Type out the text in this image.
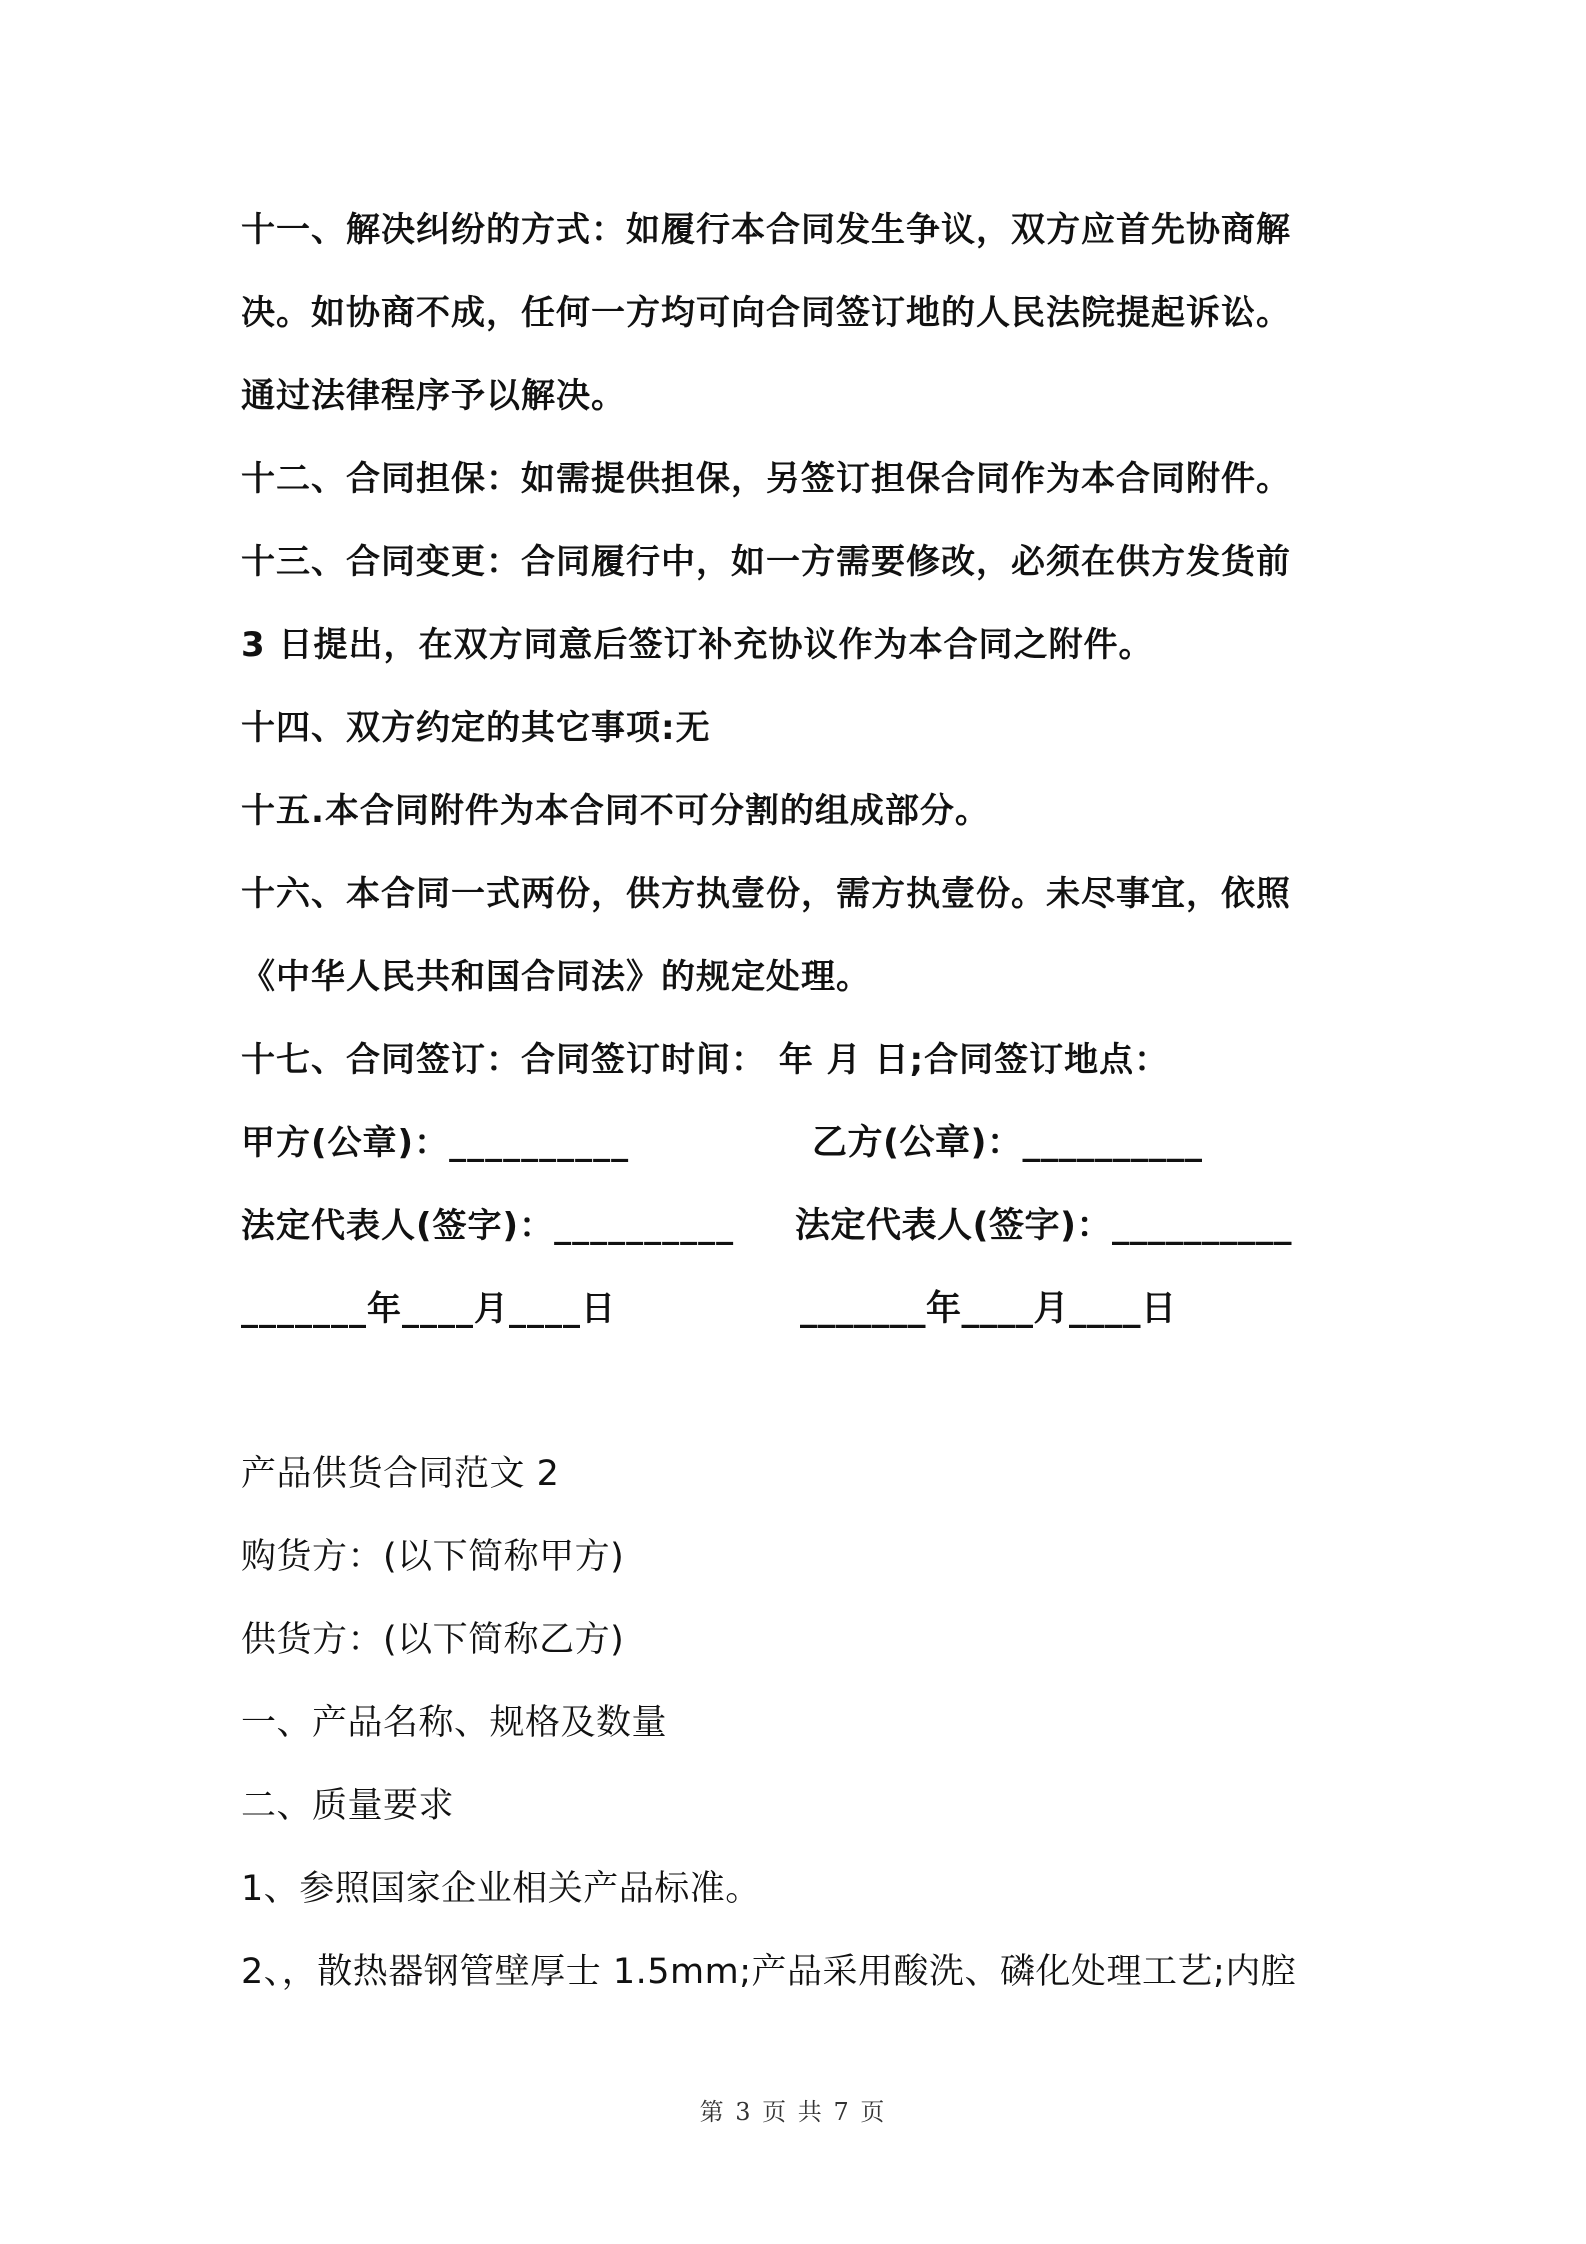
十一、解决纠纷的方式：如履行本合同发生争议，双方应首先协商解
决。如协商不成，任何一方均可向合同签订地的人民法院提起诉讼。
通过法律程序予以解决。
十二、合同担保：如需提供担保，另签订担保合同作为本合同附件。
十三、合同变更：合同履行中，如一方需要修改，必须在供方发货前
3 日提出，在双方同意后签订补充协议作为本合同之附件。
十四、双方约定的其它事项:无
十五.本合同附件为本合同不可分割的组成部分。
十六、本合同一式两份，供方执壹份，需方执壹份。未尽事宜，依照
《中华人民共和国合同法》的规定处理。
十七、合同签订：合同签订时间： 年 月 日;合同签订地点：
甲方(公章)：__________	乙方(公章)：__________
法定代表人(签字)：__________ 法定代表人(签字)：__________
_______年____月____日	_______年____月____日
产品供货合同范文 2
购货方：(以下简称甲方)
供货方：(以下简称乙方)
一、产品名称、规格及数量
二、质量要求
1、参照国家企业相关产品标准。
2、，散热器钢管壁厚士 1.5mm;产品采用酸洗、磷化处理工艺;内腔
第 3 页 共 7 页
